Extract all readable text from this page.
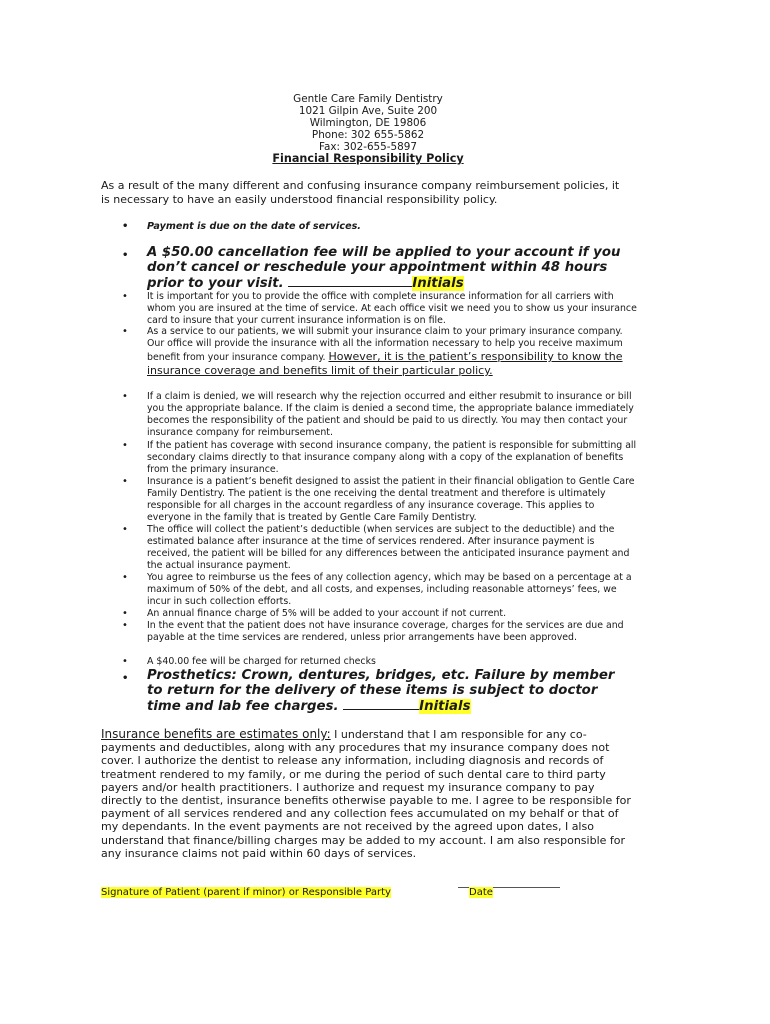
Gentle Care Family Dentistry
1021 Gilpin Ave, Suite 200
Wilmington, DE 19806
Phone: 302 655-5862
Fax: 302-655-5897
Financial Responsibility Policy
As a result of the many different and confusing insurance company reimbursement policies, it is necessary to have an easily understood financial responsibility policy.
• Payment is due on the date of services.
• A $50.00 cancellation fee will be applied to your account if you don’t cancel or reschedule your appointment within 48 hours prior to your visit.	Initials
• It is important for you to provide the office with complete insurance information for all carriers with whom you are insured at the time of service. At each office visit we need you to show us your insurance card to insure that your current insurance information is on file.
• As a service to our patients, we will submit your insurance claim to your primary insurance company. Our office will provide the insurance with all the information necessary to help you receive maximum benefit from your insurance company. However, it is the patient’s responsibility to know the insurance coverage and benefits limit of their particular policy.
• If a claim is denied, we will research why the rejection occurred and either resubmit to insurance or bill you the appropriate balance. If the claim is denied a second time, the appropriate balance immediately becomes the responsibility of the patient and should be paid to us directly. You may then contact your insurance company for reimbursement.
• If the patient has coverage with second insurance company, the patient is responsible for submitting all secondary claims directly to that insurance company along with a copy of the explanation of benefits from the primary insurance.
• Insurance is a patient’s benefit designed to assist the patient in their financial obligation to Gentle Care Family Dentistry. The patient is the one receiving the dental treatment and therefore is ultimately responsible for all charges in the account regardless of any insurance coverage. This applies to everyone in the family that is treated by Gentle Care Family Dentistry.
• The office will collect the patient’s deductible (when services are subject to the deductible) and the estimated balance after insurance at the time of services rendered. After insurance payment is received, the patient will be billed for any differences between the anticipated insurance payment and the actual insurance payment.
• You agree to reimburse us the fees of any collection agency, which may be based on a percentage at a maximum of 50% of the debt, and all costs, and expenses, including reasonable attorneys’ fees, we incur in such collection efforts.
• An annual finance charge of 5% will be added to your account if not current.
• In the event that the patient does not have insurance coverage, charges for the services are due and payable at the time services are rendered, unless prior arrangements have been approved.
• A $40.00 fee will be charged for returned checks
• Prosthetics: Crown, dentures, bridges, etc. Failure by member to return for the delivery of these items is subject to doctor time and lab fee charges.	Initials
Insurance benefits are estimates only: I understand that I am responsible for any co-payments and deductibles, along with any procedures that my insurance company does not cover. I authorize the dentist to release any information, including diagnosis and records of treatment rendered to my family, or me during the period of such dental care to third party payers and/or health practitioners. I authorize and request my insurance company to pay directly to the dentist, insurance benefits otherwise payable to me. I agree to be responsible for payment of all services rendered and any collection fees accumulated on my behalf or that of my dependants. In the event payments are not received by the agreed upon dates, I also understand that finance/billing charges may be added to my account. I am also responsible for any insurance claims not paid within 60 days of services.
Signature of Patient (parent if minor) or Responsible Party	Date
